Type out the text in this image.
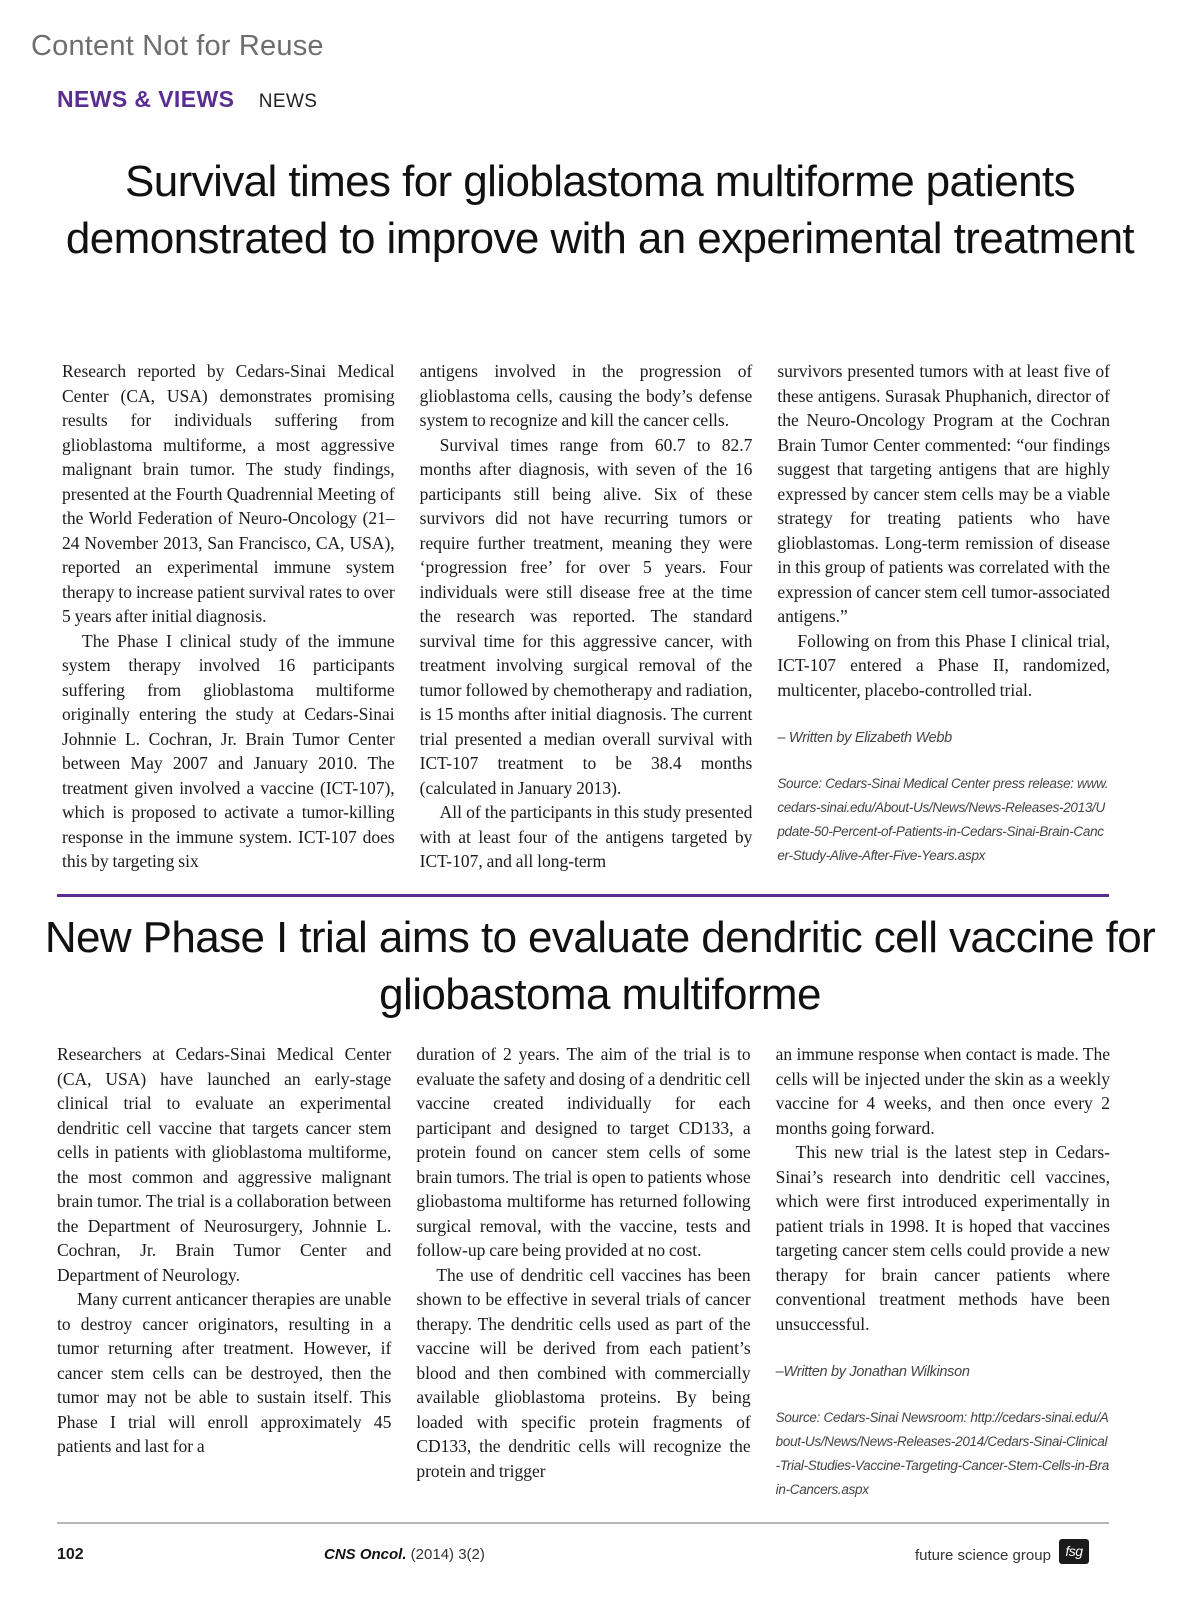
Content Not for Reuse

NEWS & VIEWS NEWS
Survival times for glioblastoma multiforme patients demonstrated to improve with an experimental treatment

Research reported by Cedars-Sinai Medical Center (CA, USA) demonstrates promising results for individuals suffering from glioblastoma multiforme, a most aggressive malignant brain tumor. The study findings, presented at the Fourth Quadrennial Meeting of the World Federation of Neuro-Oncology (21–24 November 2013, San Francisco, CA, USA), reported an experimental immune system therapy to increase patient survival rates to over 5 years after initial diagnosis.

The Phase I clinical study of the immune system therapy involved 16 participants suffering from glioblastoma multiforme originally entering the study at Cedars-Sinai Johnnie L. Cochran, Jr. Brain Tumor Center between May 2007 and January 2010. The treatment given involved a vaccine (ICT-107), which is proposed to activate a tumor-killing response in the immune system. ICT-107 does this by targeting six

antigens involved in the progression of glioblastoma cells, causing the body’s defense system to recognize and kill the cancer cells.

Survival times range from 60.7 to 82.7 months after diagnosis, with seven of the 16 participants still being alive. Six of these survivors did not have recurring tumors or require further treatment, meaning they were ‘progression free’ for over 5 years. Four individuals were still disease free at the time the research was reported. The standard survival time for this aggressive cancer, with treatment involving surgical removal of the tumor followed by chemotherapy and radiation, is 15 months after initial diagnosis. The current trial presented a median overall survival with ICT-107 treatment to be 38.4 months (calculated in January 2013).

All of the participants in this study presented with at least four of the antigens targeted by ICT-107, and all long-term

survivors presented tumors with at least five of these antigens. Surasak Phuphanich, director of the Neuro-Oncology Program at the Cochran Brain Tumor Center commented: “our findings suggest that targeting antigens that are highly expressed by cancer stem cells may be a viable strategy for treating patients who have glioblastomas. Long-term remission of disease in this group of patients was correlated with the expression of cancer stem cell tumor-associated antigens.”

Following on from this Phase I clinical trial, ICT-107 entered a Phase II, randomized, multicenter, placebo-controlled trial.

– Written by Elizabeth Webb

Source: Cedars-Sinai Medical Center press release: www.cedars-sinai.edu/About-Us/News/News-Releases-2013/Update-50-Percent-of-Patients-in-Cedars-Sinai-Brain-Cancer-Study-Alive-After-Five-Years.aspx

New Phase I trial aims to evaluate dendritic cell vaccine for gliobastoma multiforme

Researchers at Cedars-Sinai Medical Center (CA, USA) have launched an early-stage clinical trial to evaluate an experimental dendritic cell vaccine that targets cancer stem cells in patients with glioblastoma multiforme, the most common and aggressive malignant brain tumor. The trial is a collaboration between the Department of Neurosurgery, Johnnie L. Cochran, Jr. Brain Tumor Center and Department of Neurology.

Many current anticancer therapies are unable to destroy cancer originators, resulting in a tumor returning after treatment. However, if cancer stem cells can be destroyed, then the tumor may not be able to sustain itself. This Phase I trial will enroll approximately 45 patients and last for a

duration of 2 years. The aim of the trial is to evaluate the safety and dosing of a dendritic cell vaccine created individually for each participant and designed to target CD133, a protein found on cancer stem cells of some brain tumors. The trial is open to patients whose gliobastoma multiforme has returned following surgical removal, with the vaccine, tests and follow-up care being provided at no cost.

The use of dendritic cell vaccines has been shown to be effective in several trials of cancer therapy. The dendritic cells used as part of the vaccine will be derived from each patient’s blood and then combined with commercially available glioblastoma proteins. By being loaded with specific protein fragments of CD133, the dendritic cells will recognize the protein and trigger

an immune response when contact is made. The cells will be injected under the skin as a weekly vaccine for 4 weeks, and then once every 2 months going forward.

This new trial is the latest step in Cedars-Sinai’s research into dendritic cell vaccines, which were first introduced experimentally in patient trials in 1998. It is hoped that vaccines targeting cancer stem cells could provide a new therapy for brain cancer patients where conventional treatment methods have been unsuccessful.

–Written by Jonathan Wilkinson

Source: Cedars-Sinai Newsroom: http://cedars-sinai.edu/About-Us/News/News-Releases-2014/Cedars-Sinai-Clinical-Trial-Studies-Vaccine-Targeting-Cancer-Stem-Cells-in-Brain-Cancers.aspx

102	CNS Oncol. (2014) 3(2)	future science group	fsg
